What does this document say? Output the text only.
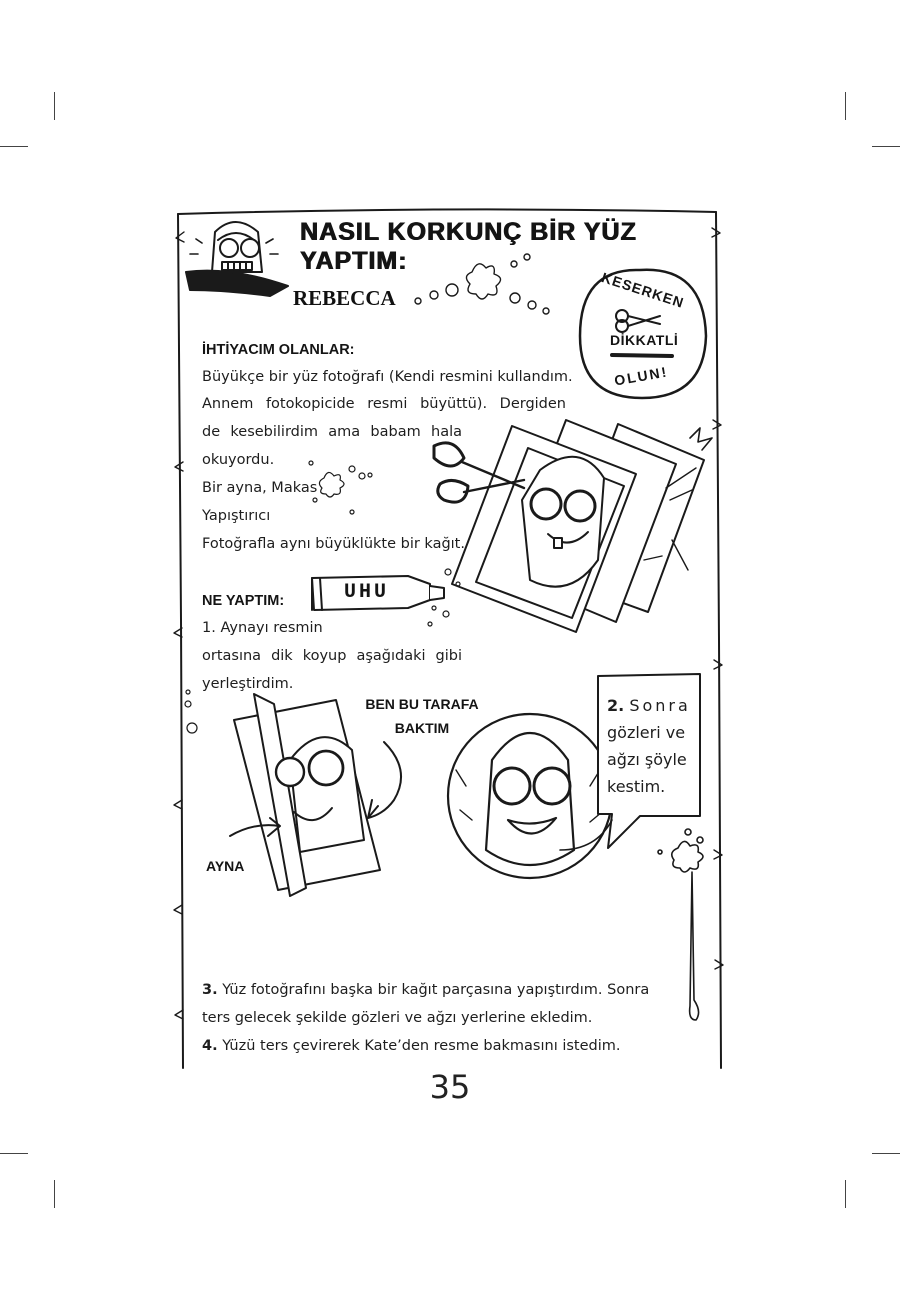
NASIL KORKUNÇ BİR YÜZ YAPTIM:
REBECCA	KESERKEN
DİKKATLİ
OLUN!
İHTİYACIM OLANLAR:
Büyükçe bir yüz fotoğrafı (Kendi resmini kullandım.
Annem fotokopicide resmi büyüttü). Dergiden
de kesebilirdim ama babam hala
okuyordu.
Bir ayna, Makas
Yapıştırıcı
Fotoğrafla aynı büyüklükte bir kağıt.
UHU
NE YAPTIM:
1. Aynayı resmin
ortasına dik koyup aşağıdaki gibi
yerleştirdim.
BEN BU TARAFA
BAKTIM
AYNA
2. Sonra
gözleri ve
ağzı şöyle
kestim.
3. Yüz fotoğrafını başka bir kağıt parçasına yapıştırdım. Sonra
ters gelecek şekilde gözleri ve ağzı yerlerine ekledim.
4. Yüzü ters çevirerek Kate’den resme bakmasını istedim.
35
